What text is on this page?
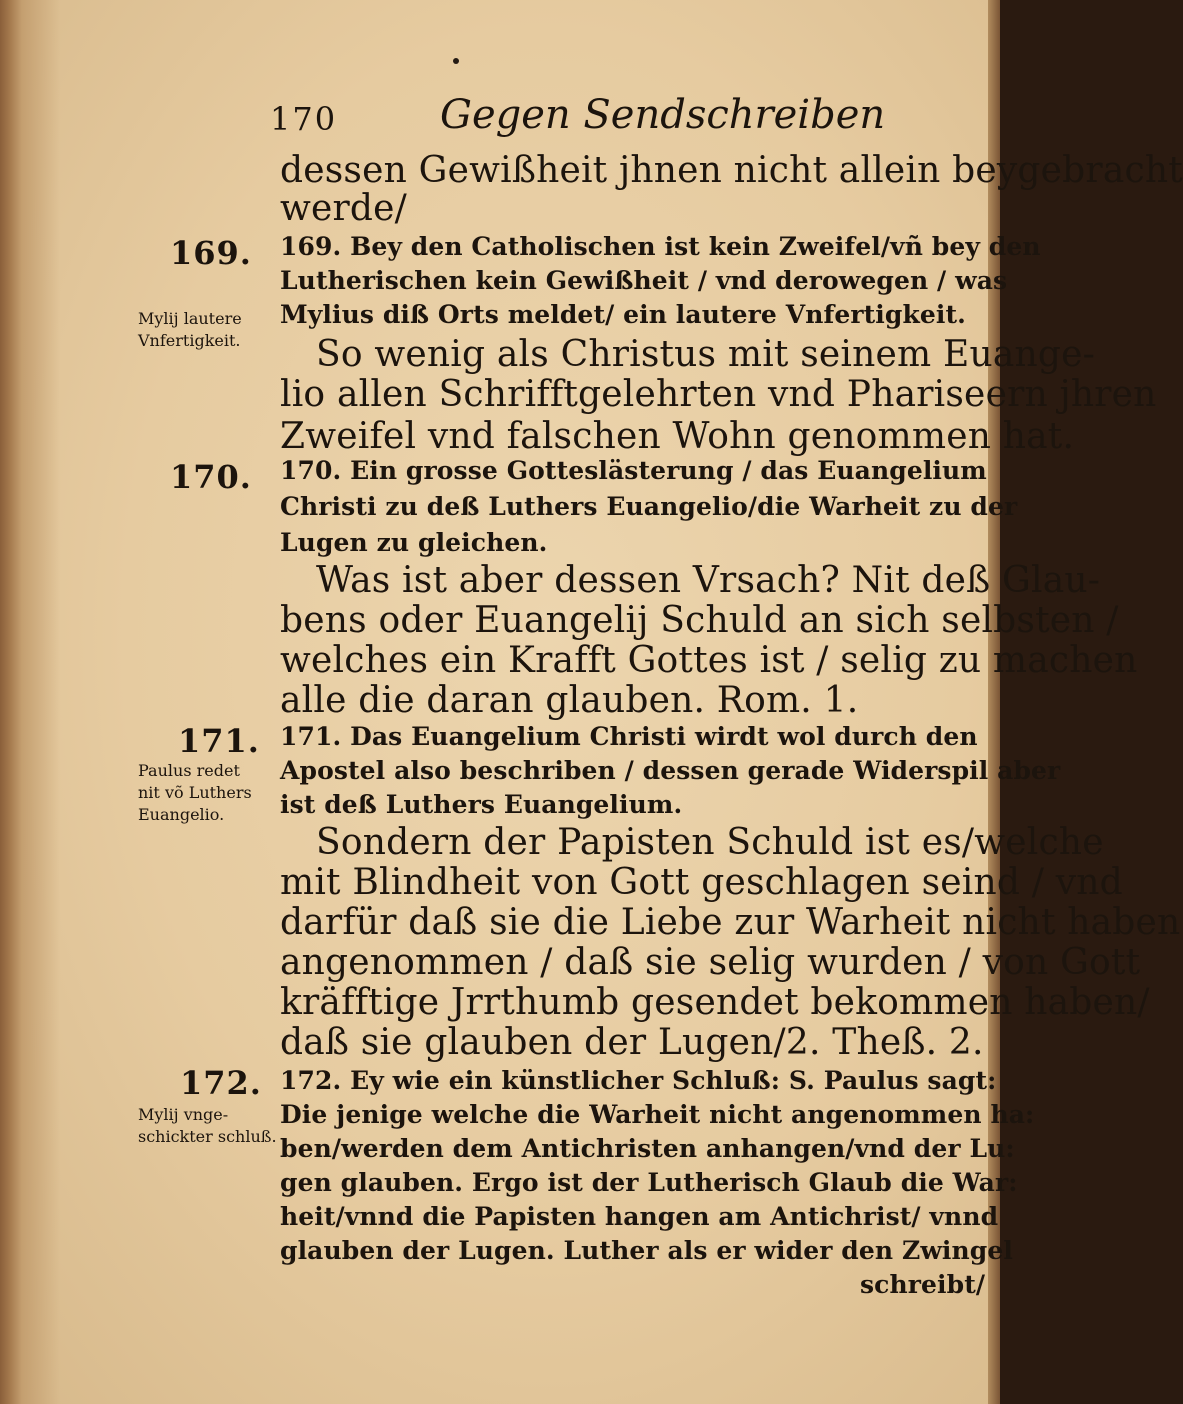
170	Gegen Sendschreiben
dessen Gewißheit jhnen nicht allein beygebracht
werde/
169. Bey den Catholischen ist kein Zweifel/vñ bey den
Lutherischen kein Gewißheit / vnd derowegen / was
Mylius diß Orts meldet/ ein lautere Vnfertigkeit.
So wenig als Christus mit seinem Euange-
lio allen Schrifftgelehrten vnd Phariseern jhren
Zweifel vnd falschen Wohn genommen hat.
170. Ein grosse Gotteslästerung / das Euangelium
Christi zu deß Luthers Euangelio/die Warheit zu der
Lugen zu gleichen.
Was ist aber dessen Vrsach? Nit deß Glau-
bens oder Euangelij Schuld an sich selbsten /
welches ein Krafft Gottes ist / selig zu machen
alle die daran glauben. Rom. 1.
171. Das Euangelium Christi wirdt wol durch den
Apostel also beschriben / dessen gerade Widerspil aber
ist deß Luthers Euangelium.
Sondern der Papisten Schuld ist es/welche
mit Blindheit von Gott geschlagen seind / vnd
darfür daß sie die Liebe zur Warheit nicht haben
angenommen / daß sie selig wurden / von Gott
kräfftige Jrrthumb gesendet bekommen haben/
daß sie glauben der Lugen/2. Theß. 2.
172. Ey wie ein künstlicher Schluß: S. Paulus sagt:
Die jenige welche die Warheit nicht angenommen ha:
ben/werden dem Antichristen anhangen/vnd der Lu:
gen glauben. Ergo ist der Lutherisch Glaub die War:
heit/vnnd die Papisten hangen am Antichrist/ vnnd
glauben der Lugen. Luther als er wider den Zwingel
schreibt/
169.
170.
171.
172.
Mylij lautere
Vnfertigkeit.
Paulus redet
nit võ Luthers
Euangelio.
Mylij vnge-
schickter schluß.
